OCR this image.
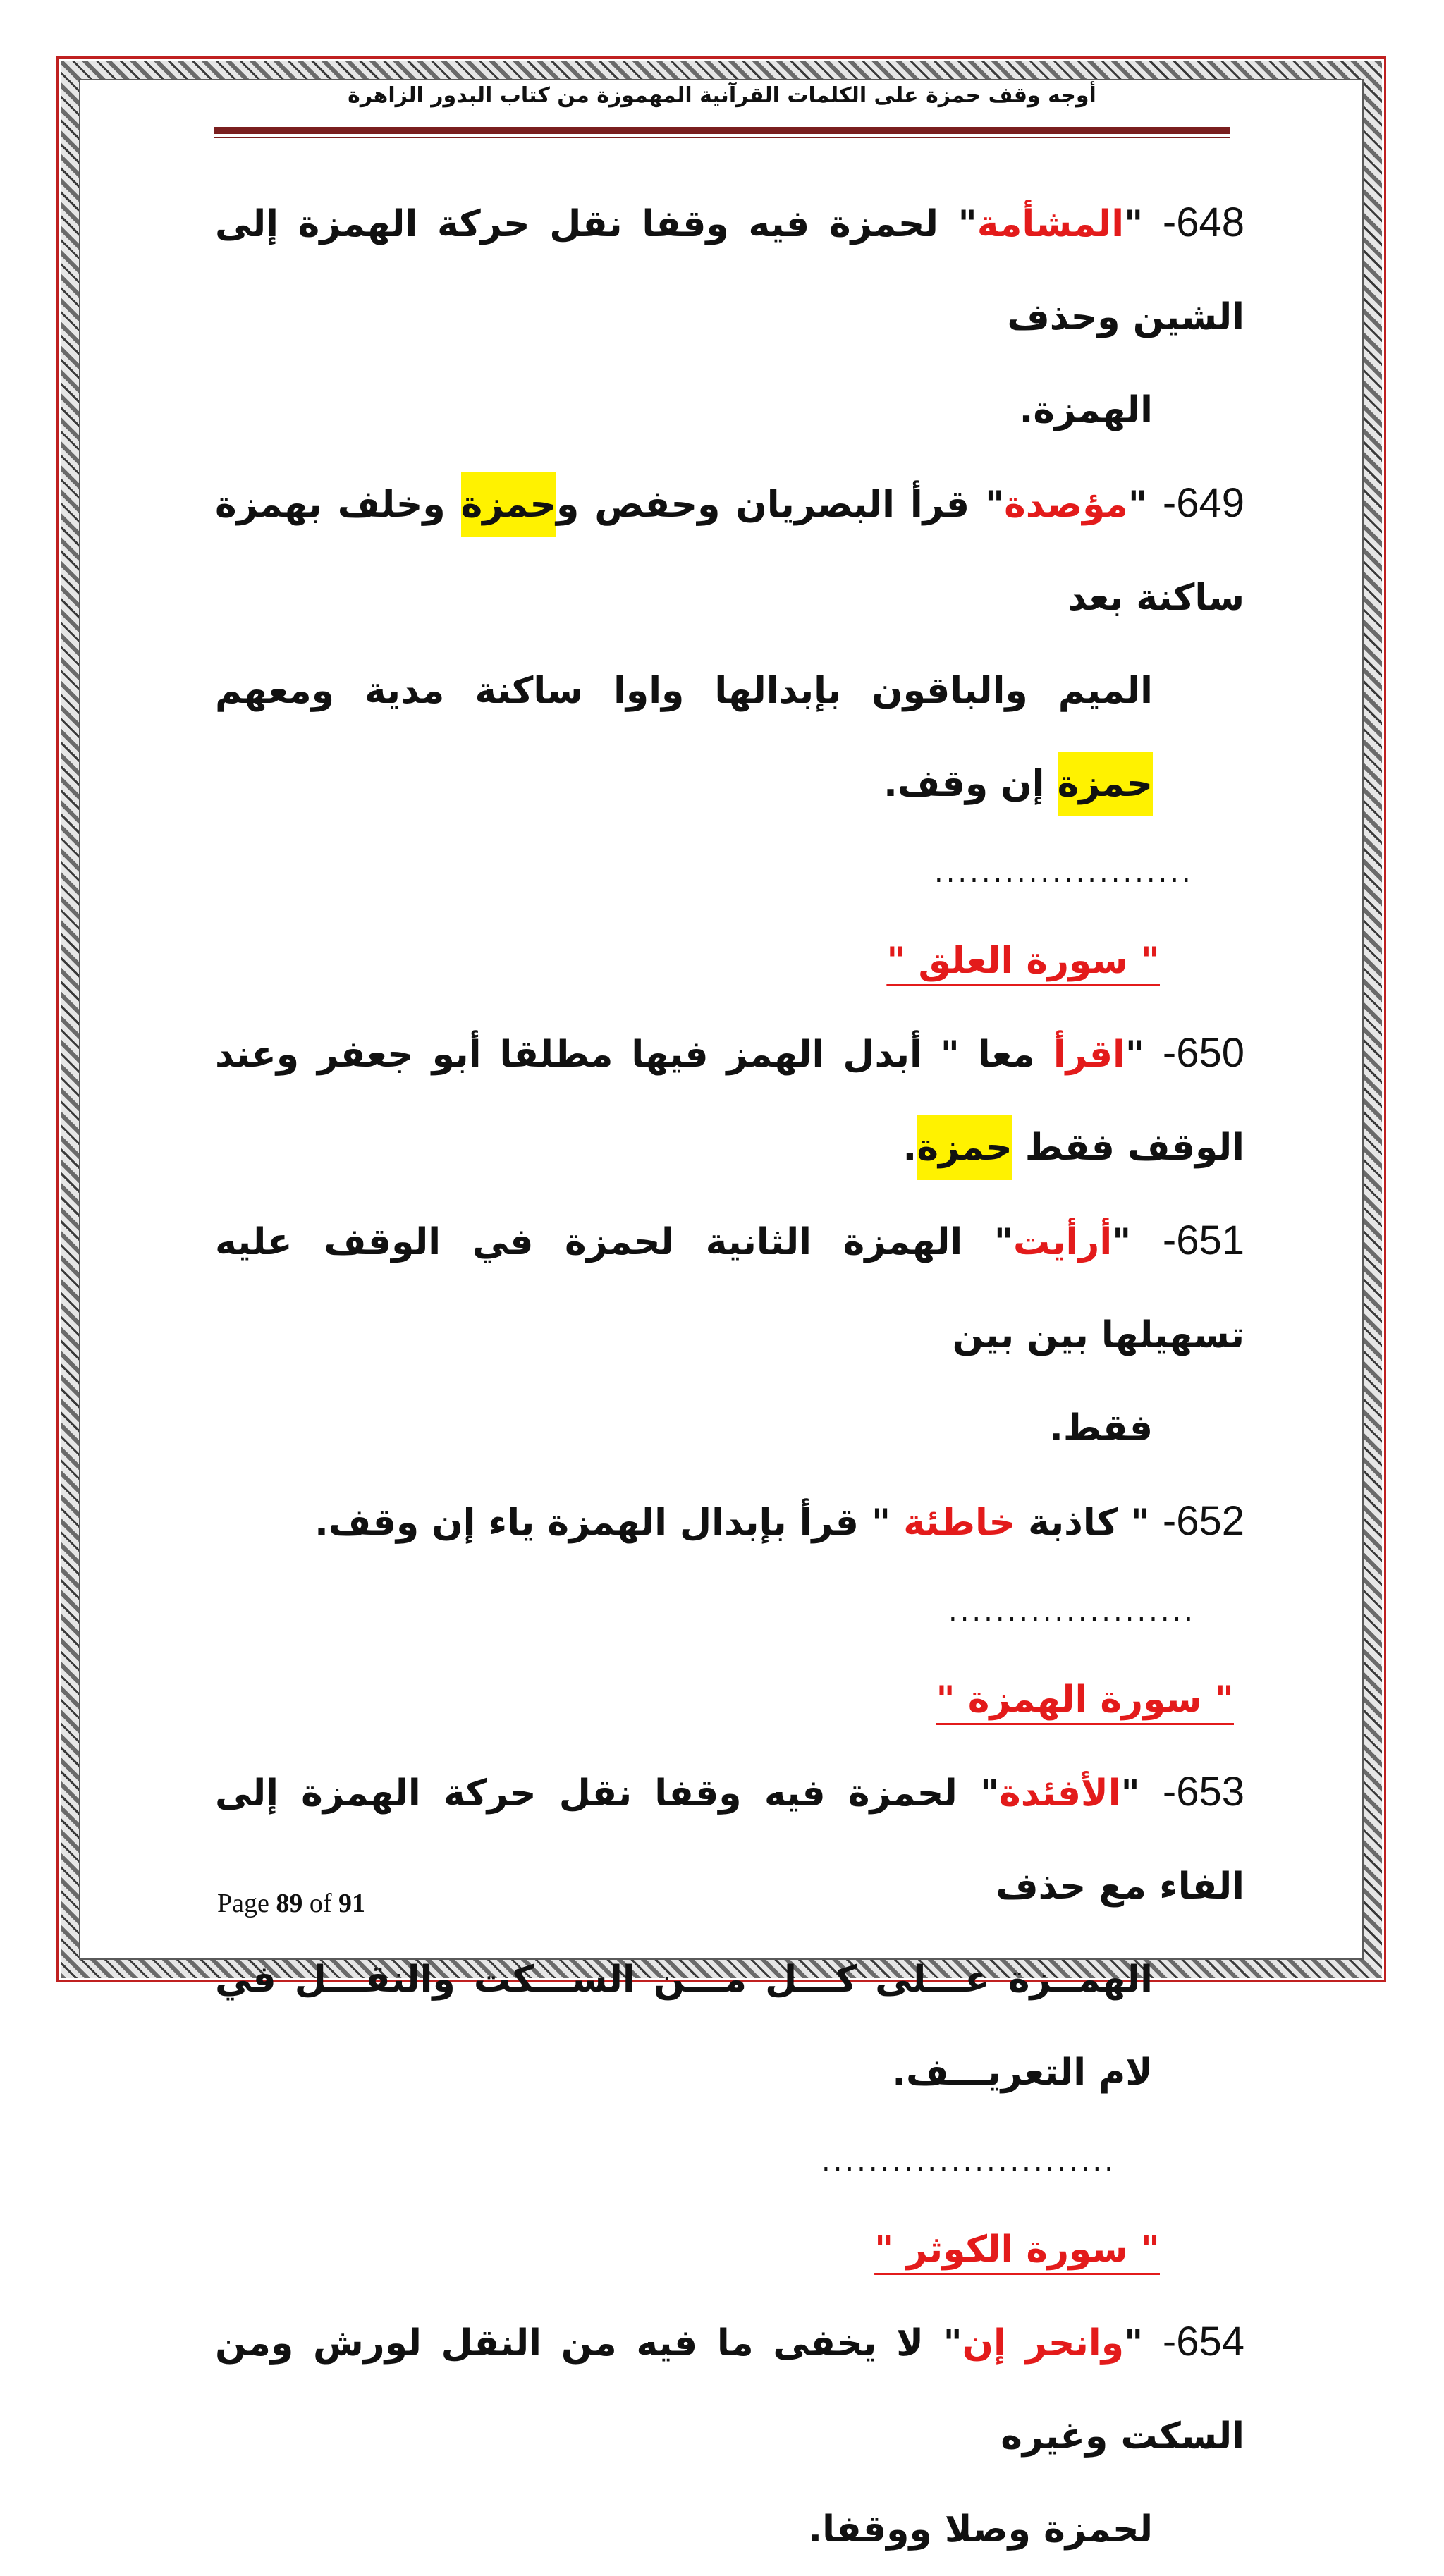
أوجه وقف حمزة على الكلمات القرآنية المهموزة من كتاب البدور الزاهرة

648- "المشأمة" لحمزة فيه وقفا نقل حركة الهمزة إلى الشين وحذف
الهمزة.

649- "مؤصدة" قرأ البصريان وحفص وحمزة وخلف بهمزة ساكنة بعد
الميم والباقون بإبدالها واوا ساكنة مدية ومعهم حمزة إن وقف.

......................
" سورة العلق "

650- "اقرأ معا " أبدل الهمز فيها مطلقا أبو جعفر وعند الوقف فقط حمزة.

651- "أرأيت" الهمزة الثانية لحمزة في الوقف عليه تسهيلها بين بين
فقط.

652- " كاذبة خاطئة " قرأ بإبدال الهمزة ياء إن وقف.

.....................
" سورة الهمزة "

653- "الأفئدة" لحمزة فيه وقفا نقل حركة الهمزة إلى الفاء مع حذف
الهمــزة عـــلى كـــل مـــن الســـكت والنقـــل في لام التعريـــف.

.........................
" سورة الكوثر "

654- "وانحر إن" لا يخفى ما فيه من النقل لورش ومن السكت وغيره
لحمزة وصلا ووقفا.

Page 89 of 91
